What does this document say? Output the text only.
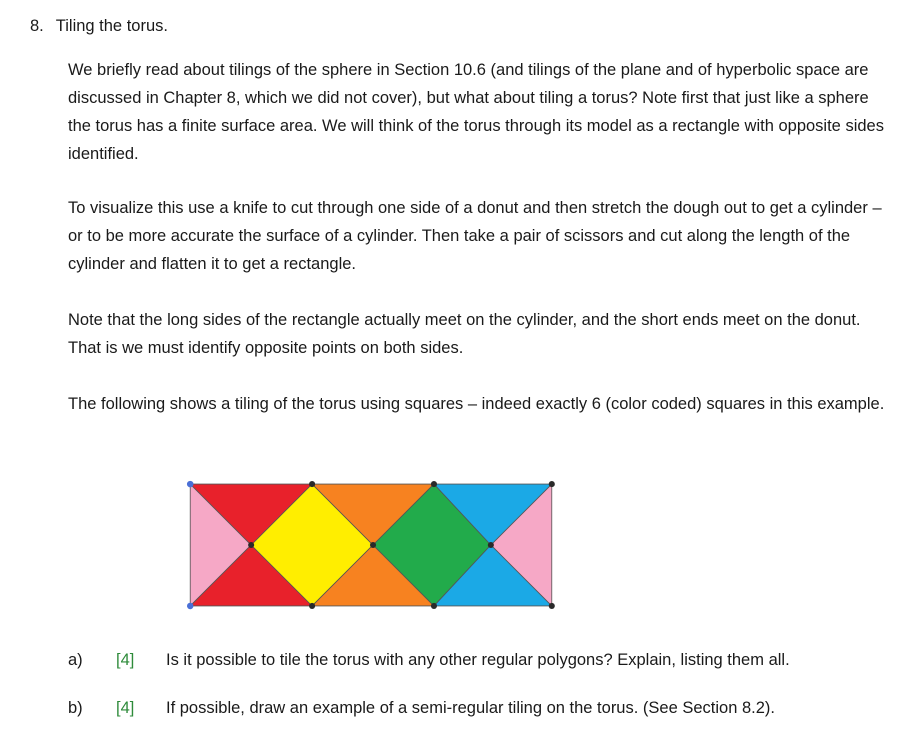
8. Tiling the torus.

We briefly read about tilings of the sphere in Section 10.6 (and tilings of the plane and of hyperbolic space are discussed in Chapter 8, which we did not cover), but what about tiling a torus? Note first that just like a sphere the torus has a finite surface area. We will think of the torus through its model as a rectangle with opposite sides identified.

To visualize this use a knife to cut through one side of a donut and then stretch the dough out to get a cylinder – or to be more accurate the surface of a cylinder. Then take a pair of scissors and cut along the length of the cylinder and flatten it to get a rectangle.

Note that the long sides of the rectangle actually meet on the cylinder, and the short ends meet on the donut. That is we must identify opposite points on both sides.

The following shows a tiling of the torus using squares – indeed exactly 6 (color coded) squares in this example.

a)	[4]	Is it possible to tile the torus with any other regular polygons? Explain, listing them all.
b)	[4]	If possible, draw an example of a semi-regular tiling on the torus. (See Section 8.2).
